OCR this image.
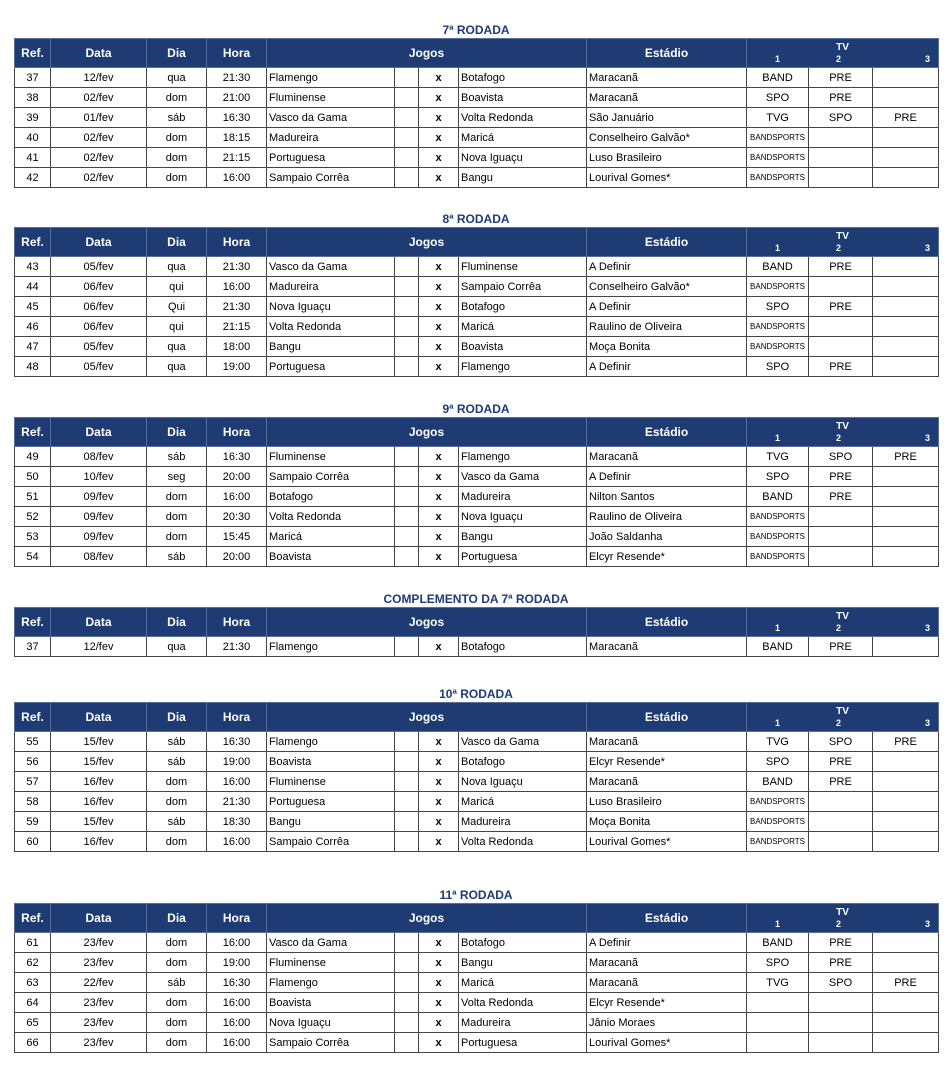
7ª RODADA
Ref.	Data	Dia	Hora	Jogos				Estádio	TV
1 2 3		

37	12/fev	qua	21:30	Flamengo		x	Botafogo	Maracanã	BAND	PRE	
38	02/fev	dom	21:00	Fluminense		x	Boavista	Maracanã	SPO	PRE	
39	01/fev	sáb	16:30	Vasco da Gama		x	Volta Redonda	São Januário	TVG	SPO	PRE
40	02/fev	dom	18:15	Madureira		x	Maricá	Conselheiro Galvão*	BANDSPORTS		
41	02/fev	dom	21:15	Portuguesa		x	Nova Iguaçu	Luso Brasileiro	BANDSPORTS		
42	02/fev	dom	16:00	Sampaio Corrêa		x	Bangu	Lourival Gomes*	BANDSPORTS		
8ª RODADA
Ref.	Data	Dia	Hora	Jogos				Estádio	TV
1 2 3		

43	05/fev	qua	21:30	Vasco da Gama		x	Fluminense	A Definir	BAND	PRE	
44	06/fev	qui	16:00	Madureira		x	Sampaio Corrêa	Conselheiro Galvão*	BANDSPORTS		
45	06/fev	Qui	21:30	Nova Iguaçu		x	Botafogo	A Definir	SPO	PRE	
46	06/fev	qui	21:15	Volta Redonda		x	Maricá	Raulino de Oliveira	BANDSPORTS		
47	05/fev	qua	18:00	Bangu		x	Boavista	Moça Bonita	BANDSPORTS		
48	05/fev	qua	19:00	Portuguesa		x	Flamengo	A Definir	SPO	PRE	
9ª RODADA
Ref.	Data	Dia	Hora	Jogos				Estádio	TV
1 2 3		

49	08/fev	sáb	16:30	Fluminense		x	Flamengo	Maracanã	TVG	SPO	PRE
50	10/fev	seg	20:00	Sampaio Corrêa		x	Vasco da Gama	A Definir	SPO	PRE	
51	09/fev	dom	16:00	Botafogo		x	Madureira	Nilton Santos	BAND	PRE	
52	09/fev	dom	20:30	Volta Redonda		x	Nova Iguaçu	Raulino de Oliveira	BANDSPORTS		
53	09/fev	dom	15:45	Maricá		x	Bangu	João Saldanha	BANDSPORTS		
54	08/fev	sáb	20:00	Boavista		x	Portuguesa	Elcyr Resende*	BANDSPORTS		
COMPLEMENTO DA 7ª RODADA
Ref.	Data	Dia	Hora	Jogos				Estádio	TV
1 2 3		

37	12/fev	qua	21:30	Flamengo		x	Botafogo	Maracanã	BAND	PRE	
10ª RODADA
Ref.	Data	Dia	Hora	Jogos				Estádio	TV
1 2 3		

55	15/fev	sáb	16:30	Flamengo		x	Vasco da Gama	Maracanã	TVG	SPO	PRE
56	15/fev	sáb	19:00	Boavista		x	Botafogo	Elcyr Resende*	SPO	PRE	
57	16/fev	dom	16:00	Fluminense		x	Nova Iguaçu	Maracanã	BAND	PRE	
58	16/fev	dom	21:30	Portuguesa		x	Maricá	Luso Brasileiro	BANDSPORTS		
59	15/fev	sáb	18:30	Bangu		x	Madureira	Moça Bonita	BANDSPORTS		
60	16/fev	dom	16:00	Sampaio Corrêa		x	Volta Redonda	Lourival Gomes*	BANDSPORTS		
11ª RODADA
Ref.	Data	Dia	Hora	Jogos				Estádio	TV
1 2 3		

61	23/fev	dom	16:00	Vasco da Gama		x	Botafogo	A Definir	BAND	PRE	
62	23/fev	dom	19:00	Fluminense		x	Bangu	Maracanã	SPO	PRE	
63	22/fev	sáb	16:30	Flamengo		x	Maricá	Maracanã	TVG	SPO	PRE
64	23/fev	dom	16:00	Boavista		x	Volta Redonda	Elcyr Resende*			
65	23/fev	dom	16:00	Nova Iguaçu		x	Madureira	Jânio Moraes			
66	23/fev	dom	16:00	Sampaio Corrêa		x	Portuguesa	Lourival Gomes*			
